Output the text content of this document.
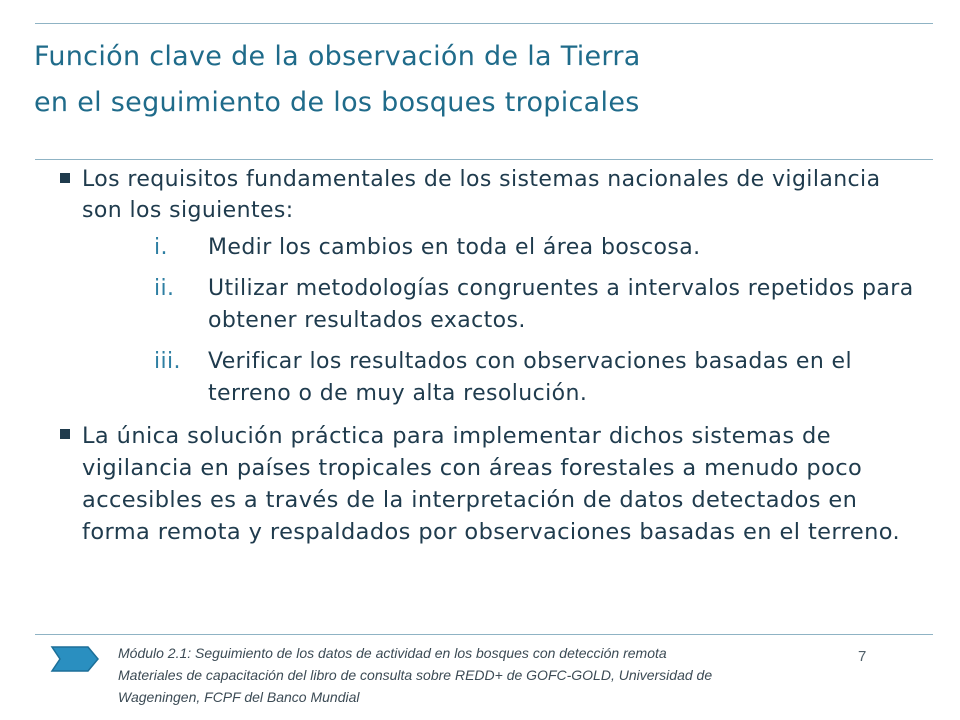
Función clave de la observación de la Tierra
en el seguimiento de los bosques tropicales
Los requisitos fundamentales de los sistemas nacionales de vigilancia son los siguientes:
i. Medir los cambios en toda el área boscosa.
ii. Utilizar metodologías congruentes a intervalos repetidos para obtener resultados exactos.
iii. Verificar los resultados con observaciones basadas en el terreno o de muy alta resolución.
La única solución práctica para implementar dichos sistemas de vigilancia en países tropicales con áreas forestales a menudo poco accesibles es a través de la interpretación de datos detectados en forma remota y respaldados por observaciones basadas en el terreno.
Módulo 2.1: Seguimiento de los datos de actividad en los bosques con detección remota
Materiales de capacitación del libro de consulta sobre REDD+ de GOFC-GOLD, Universidad de
Wageningen, FCPF del Banco Mundial
7
